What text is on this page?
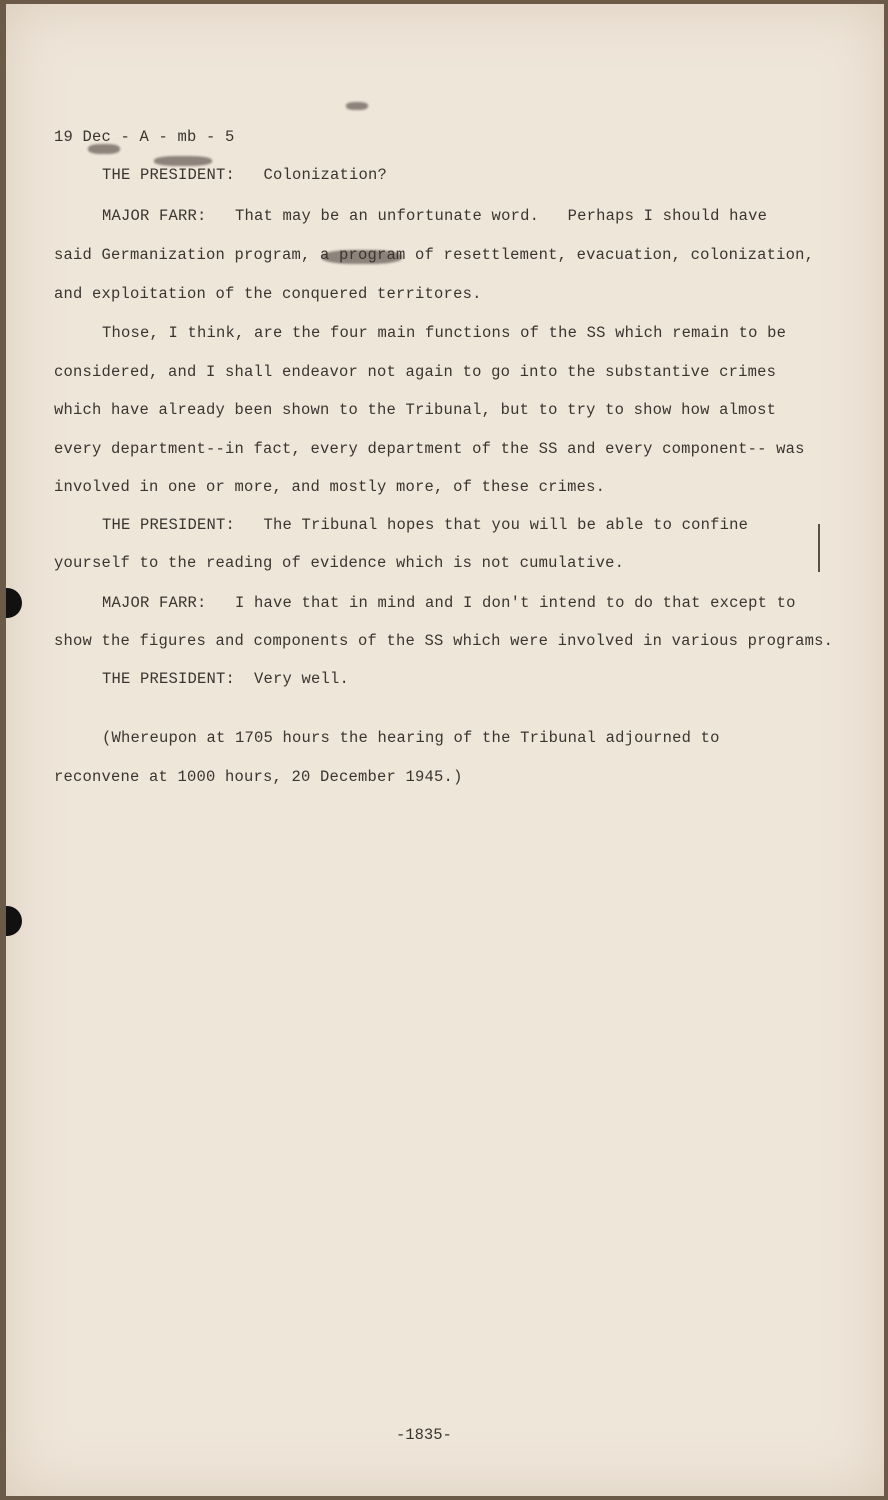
19 Dec - A - mb - 5
THE PRESIDENT:   Colonization?
MAJOR FARR:   That may be an unfortunate word.   Perhaps I should have
said Germanization program, a program of resettlement, evacuation, colonization,
and exploitation of the conquered territores.
Those, I think, are the four main functions of the SS which remain to be
considered, and I shall endeavor not again to go into the substantive crimes
which have already been shown to the Tribunal, but to try to show how almost
every department--in fact, every department of the SS and every component-- was
involved in one or more, and mostly more, of these crimes.
THE PRESIDENT:   The Tribunal hopes that you will be able to confine
yourself to the reading of evidence which is not cumulative.
MAJOR FARR:   I have that in mind and I don't intend to do that except to
show the figures and components of the SS which were involved in various programs.
THE PRESIDENT:  Very well.
(Whereupon at 1705 hours the hearing of the Tribunal adjourned to
reconvene at 1000 hours, 20 December 1945.)
-1835-
